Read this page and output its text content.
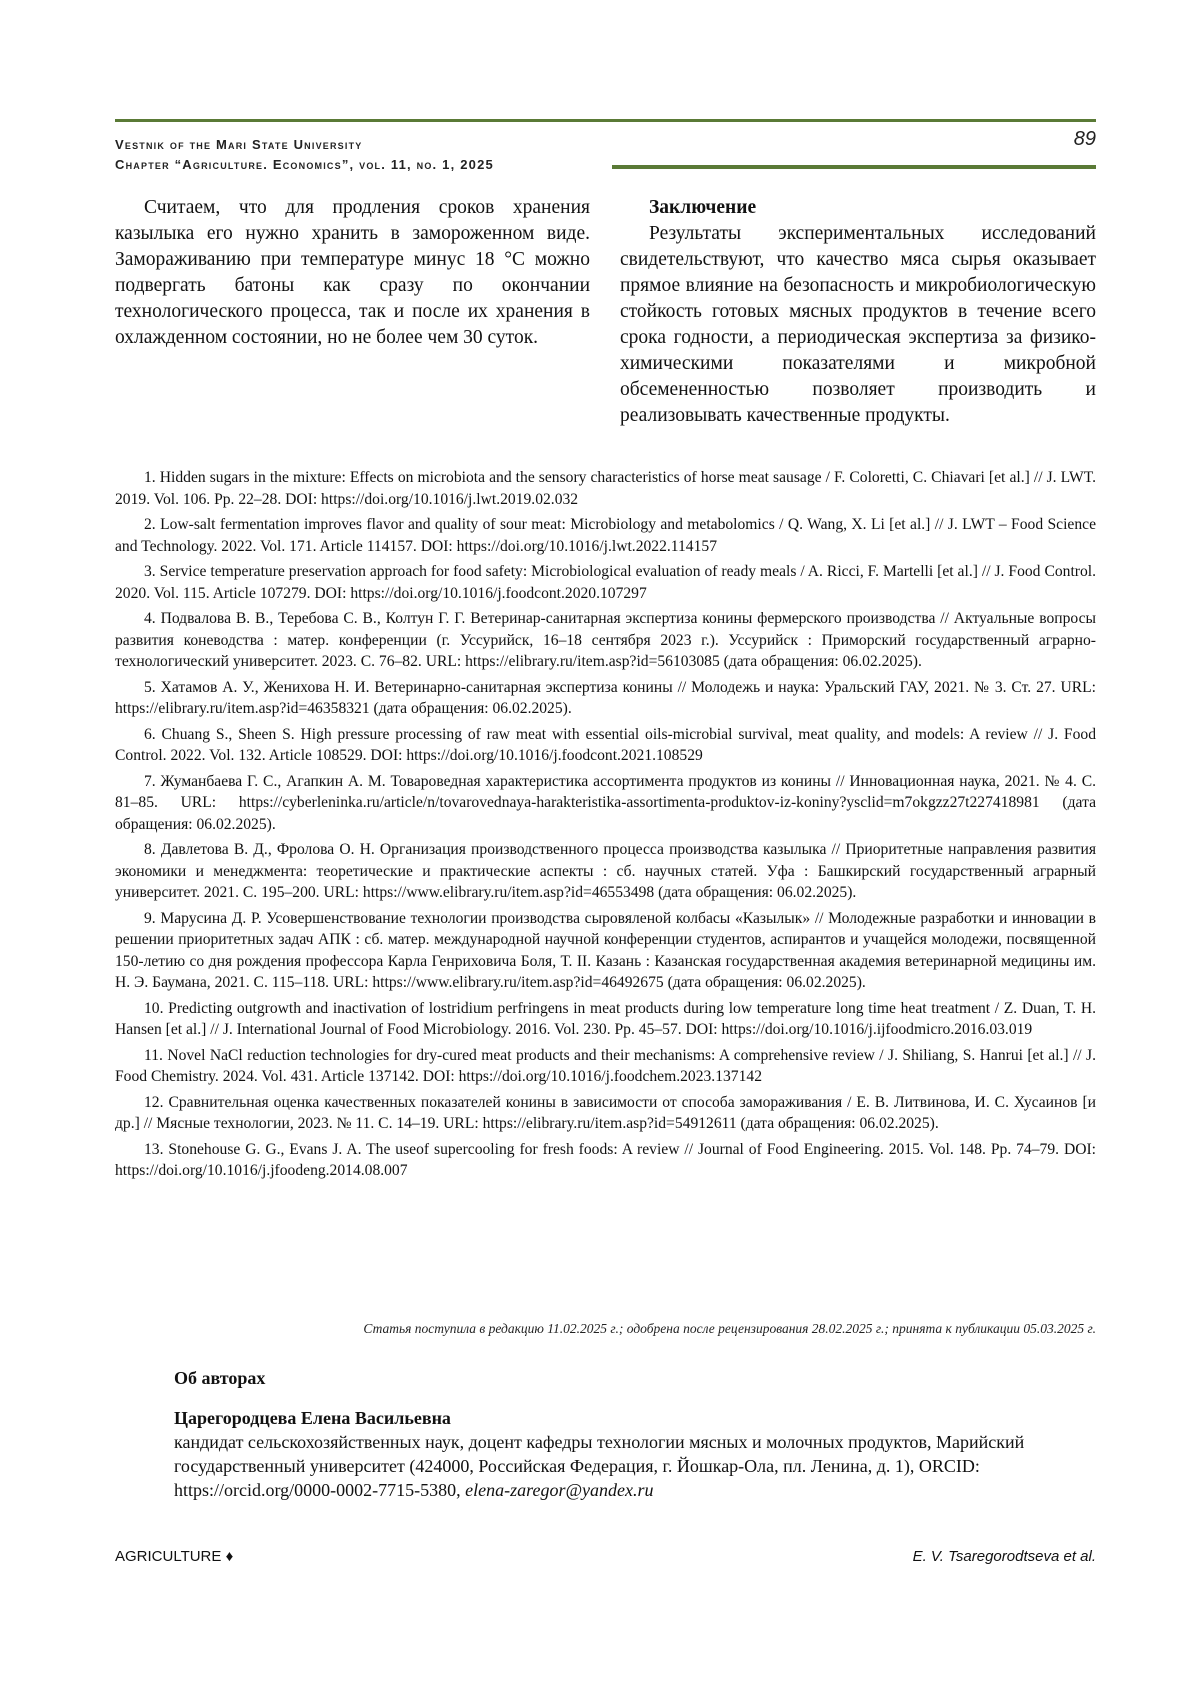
Vestnik of the Mari State University
Chapter “Agriculture. Economics”, vol. 11, no. 1, 2025
89

Считаем, что для продления сроков хранения казылыка его нужно хранить в замороженном виде. Замораживанию при температуре минус 18 °С можно подвергать батоны как сразу по окончании технологического процесса, так и после их хранения в охлажденном состоянии, но не более чем 30 суток.

Заключение

Результаты экспериментальных исследований свидетельствуют, что качество мяса сырья оказывает прямое влияние на безопасность и микробиологическую стойкость готовых мясных продуктов в течение всего срока годности, а периодическая экспертиза за физико-химическими показателями и микробной обсемененностью позволяет производить и реализовывать качественные продукты.

1. Hidden sugars in the mixture: Effects on microbiota and the sensory characteristics of horse meat sausage / F. Coloretti, C. Chiavari [et al.] // J. LWT. 2019. Vol. 106. Pp. 22–28. DOI: https://doi.org/10.1016/j.lwt.2019.02.032

2. Low-salt fermentation improves flavor and quality of sour meat: Microbiology and metabolomics / Q. Wang, X. Li [et al.] // J. LWT – Food Science and Technology. 2022. Vol. 171. Article 114157. DOI: https://doi.org/10.1016/j.lwt.2022.114157

3. Service temperature preservation approach for food safety: Microbiological evaluation of ready meals / A. Ricci, F. Martelli [et al.] // J. Food Control. 2020. Vol. 115. Article 107279. DOI: https://doi.org/10.1016/j.foodcont.2020.107297

4. Подвалова В. В., Теребова С. В., Колтун Г. Г. Ветеринар-санитарная экспертиза конины фермерского производства // Актуальные вопросы развития коневодства : матер. конференции (г. Уссурийск, 16–18 сентября 2023 г.). Уссурийск : Приморский государственный аграрно-технологический университет. 2023. С. 76–82. URL: https://elibrary.ru/item.asp?id=56103085 (дата обращения: 06.02.2025).

5. Хатамов А. У., Женихова Н. И. Ветеринарно-санитарная экспертиза конины // Молодежь и наука: Уральский ГАУ, 2021. № 3. Ст. 27. URL: https://elibrary.ru/item.asp?id=46358321 (дата обращения: 06.02.2025).

6. Chuang S., Sheen S. High pressure processing of raw meat with essential oils-microbial survival, meat quality, and models: A review // J. Food Control. 2022. Vol. 132. Article 108529. DOI: https://doi.org/10.1016/j.foodcont.2021.108529

7. Жуманбаева Г. С., Агапкин А. М. Товароведная характеристика ассортимента продуктов из конины // Инновационная наука, 2021. № 4. С. 81–85. URL: https://cyberleninka.ru/article/n/tovarovednaya-harakteristika-assortimenta-produktov-iz-koniny?ysclid=m7okgzz27t227418981 (дата обращения: 06.02.2025).

8. Давлетова В. Д., Фролова О. Н. Организация производственного процесса производства казылыка // Приоритетные направления развития экономики и менеджмента: теоретические и практические аспекты : сб. научных статей. Уфа : Башкирский государственный аграрный университет. 2021. С. 195–200. URL: https://www.elibrary.ru/item.asp?id=46553498 (дата обращения: 06.02.2025).

9. Марусина Д. Р. Усовершенствование технологии производства сыровяленой колбасы «Казылык» // Молодежные разработки и инновации в решении приоритетных задач АПК : сб. матер. международной научной конференции студентов, аспирантов и учащейся молодежи, посвященной 150-летию со дня рождения профессора Карла Генриховича Боля, Т. II. Казань : Казанская государственная академия ветеринарной медицины им. Н. Э. Баумана, 2021. С. 115–118. URL: https://www.elibrary.ru/item.asp?id=46492675 (дата обращения: 06.02.2025).

10. Predicting outgrowth and inactivation of lostridium perfringens in meat products during low temperature long time heat treatment / Z. Duan, T. H. Hansen [et al.] // J. International Journal of Food Microbiology. 2016. Vol. 230. Pp. 45–57. DOI: https://doi.org/10.1016/j.ijfoodmicro.2016.03.019

11. Novel NaCl reduction technologies for dry-cured meat products and their mechanisms: A comprehensive review / J. Shiliang, S. Hanrui [et al.] // J. Food Chemistry. 2024. Vol. 431. Article 137142. DOI: https://doi.org/10.1016/j.foodchem.2023.137142

12. Сравнительная оценка качественных показателей конины в зависимости от способа замораживания / Е. В. Литвинова, И. С. Хусаинов [и др.] // Мясные технологии, 2023. № 11. С. 14–19. URL: https://elibrary.ru/item.asp?id=54912611 (дата обращения: 06.02.2025).

13. Stonehouse G. G., Evans J. A. The useof supercooling for fresh foods: A review // Journal of Food Engineering. 2015. Vol. 148. Pp. 74–79. DOI: https://doi.org/10.1016/j.jfoodeng.2014.08.007

Статья поступила в редакцию 11.02.2025 г.; одобрена после рецензирования 28.02.2025 г.; принята к публикации 05.03.2025 г.

Об авторах

Царегородцева Елена Васильевна

кандидат сельскохозяйственных наук, доцент кафедры технологии мясных и молочных продуктов, Марийский государственный университет (424000, Российская Федерация, г. Йошкар-Ола, пл. Ленина, д. 1), ORCID: https://orcid.org/0000-0002-7715-5380, elena-zaregor@yandex.ru

AGRICULTURE ♦	E. V. Tsaregorodtseva et al.
